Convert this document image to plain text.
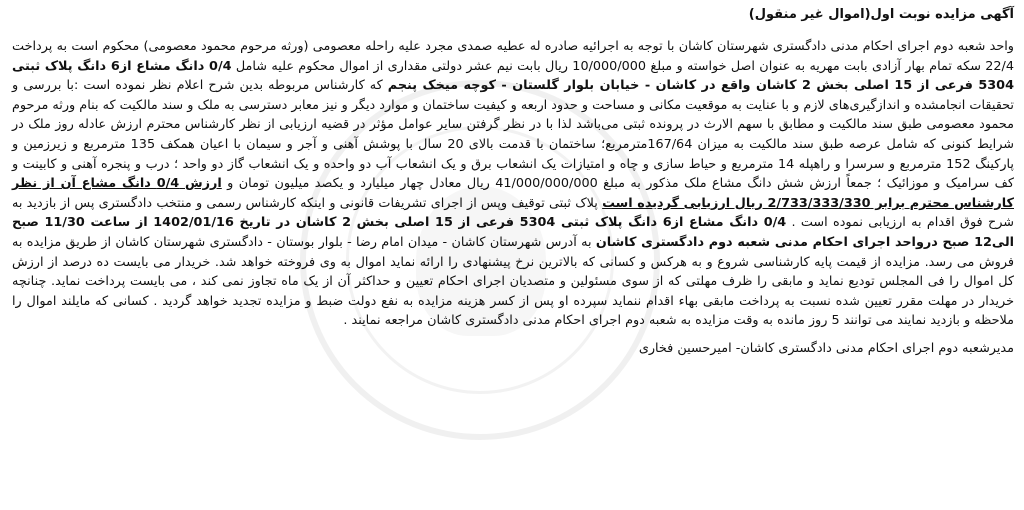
آگهی مزایده نوبت اول(اموال غیر منقول)

واحد شعبه دوم اجرای احکام مدنی دادگستری شهرستان کاشان با توجه به اجرائیه صادره له عطیه صمدی مجرد علیه راحله معصومی (ورثه مرحوم محمود معصومی) محکوم است به پرداخت 22/4 سکه تمام بهار آزادی بابت مهریه به عنوان اصل خواسته و مبلغ 10/000/000 ریال بابت نیم عشر دولتی مقداری از اموال محکوم علیه شامل 0/4 دانگ مشاع از6 دانگ پلاک ثبتی 5304 فرعی از 15 اصلی بخش 2 کاشان واقع در کاشان - خیابان بلوار گلستان - کوچه میخک پنجم که کارشناس مربوطه بدین شرح اعلام نظر نموده است :با بررسی و تحقیقات انجامشده و اندازگیری‌های لازم و با عنایت به موقعیت مکانی و مساحت و حدود اربعه و کیفیت ساختمان و موارد دیگر و نیز معابر دسترسی به ملک و سند مالکیت که بنام ورثه مرحوم محمود معصومی طبق سند مالکیت و مطابق با سهم الارث در پرونده ثبتی می‌باشد لذا با در نظر گرفتن سایر عوامل مؤثر در قضیه ارزیابی از نظر کارشناس محترم ارزش عادله روز ملک در شرایط کنونی که شامل عرصه طبق سند مالکیت به میزان 167/64مترمربع؛ ساختمان با قدمت بالای 20 سال با پوشش آهنی و آجر و سیمان با اعیان همکف 135 مترمربع و زیرزمین و پارکینگ 152 مترمربع و سرسرا و راهپله 14 مترمربع و حیاط سازی و چاه و امتیازات یک انشعاب برق و یک انشعاب آب دو واحده و یک انشعاب گاز دو واحد ؛ درب و پنجره آهنی و کابینت و کف سرامیک و موزائیک ؛ جمعاً ارزش شش دانگ مشاع ملک مذکور به مبلغ 41/000/000/000 ریال معادل چهار میلیارد و یکصد میلیون تومان و ارزش 0/4 دانگ مشاع آن از نظر کارشناس محترم برابر 2/733/333/330 ریال ارزیابی گردیده است پلاک ثبتی توقیف وپس از اجرای تشریفات قانونی و اینکه کارشناس رسمی و منتخب دادگستری پس از بازدید به شرح فوق اقدام به ارزیابی نموده است . 0/4 دانگ مشاع از6 دانگ پلاک ثبتی 5304 فرعی از 15 اصلی بخش 2 کاشان در تاریخ 1402/01/16 از ساعت 11/30 صبح الی12 صبح درواحد اجرای احکام مدنی شعبه دوم دادگستری کاشان به آدرس شهرستان کاشان - میدان امام رضا - بلوار بوستان - دادگستری شهرستان کاشان از طریق مزایده به فروش می رسد. مزایده از قیمت پایه کارشناسی شروع و به هرکس و کسانی که بالاترین نرخ پیشنهادی را ارائه نماید اموال به وی فروخته خواهد شد. خریدار می بایست ده درصد از ارزش کل اموال را فی المجلس تودیع نماید و مابقی را ظرف مهلتی که از سوی مسئولین و متصدیان اجرای احکام تعیین و حداکثر آن از یک ماه تجاوز نمی کند ، می بایست پرداخت نماید. چنانچه خریدار در مهلت مقرر تعیین شده نسبت به پرداخت مابقی بهاء اقدام ننماید سپرده او پس از کسر هزینه مزایده به نفع دولت ضبط و مزایده تجدید خواهد گردید . کسانی که مایلند اموال را ملاحظه و بازدید نمایند می توانند 5 روز مانده به وقت مزایده به شعبه دوم اجرای احکام مدنی دادگستری کاشان مراجعه نمایند .

مدیرشعبه دوم اجرای احکام مدنی دادگستری کاشان- امیرحسین فخاری
